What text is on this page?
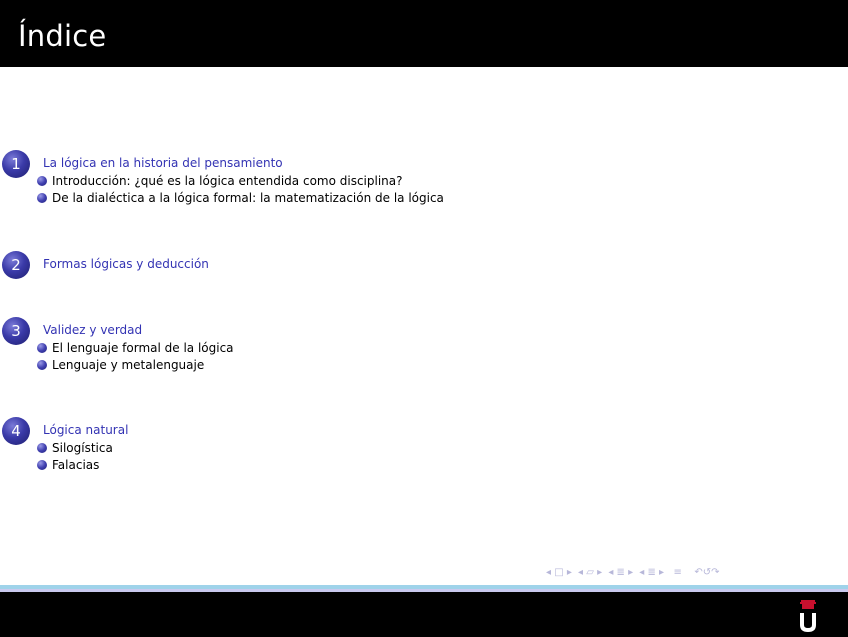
Índice
1	La lógica en la historia del pensamiento
Introducción: ¿qué es la lógica entendida como disciplina?
De la dialéctica a la lógica formal: la matematización de la lógica
2	Formas lógicas y deducción
3	Validez y verdad
El lenguaje formal de la lógica
Lenguaje y metalenguaje
4	Lógica natural
Silogística
Falacias
◂ □ ▸ ◂ ▱ ▸ ◂ ≣ ▸ ◂ ≣ ▸  ≡   ↶↺↷
